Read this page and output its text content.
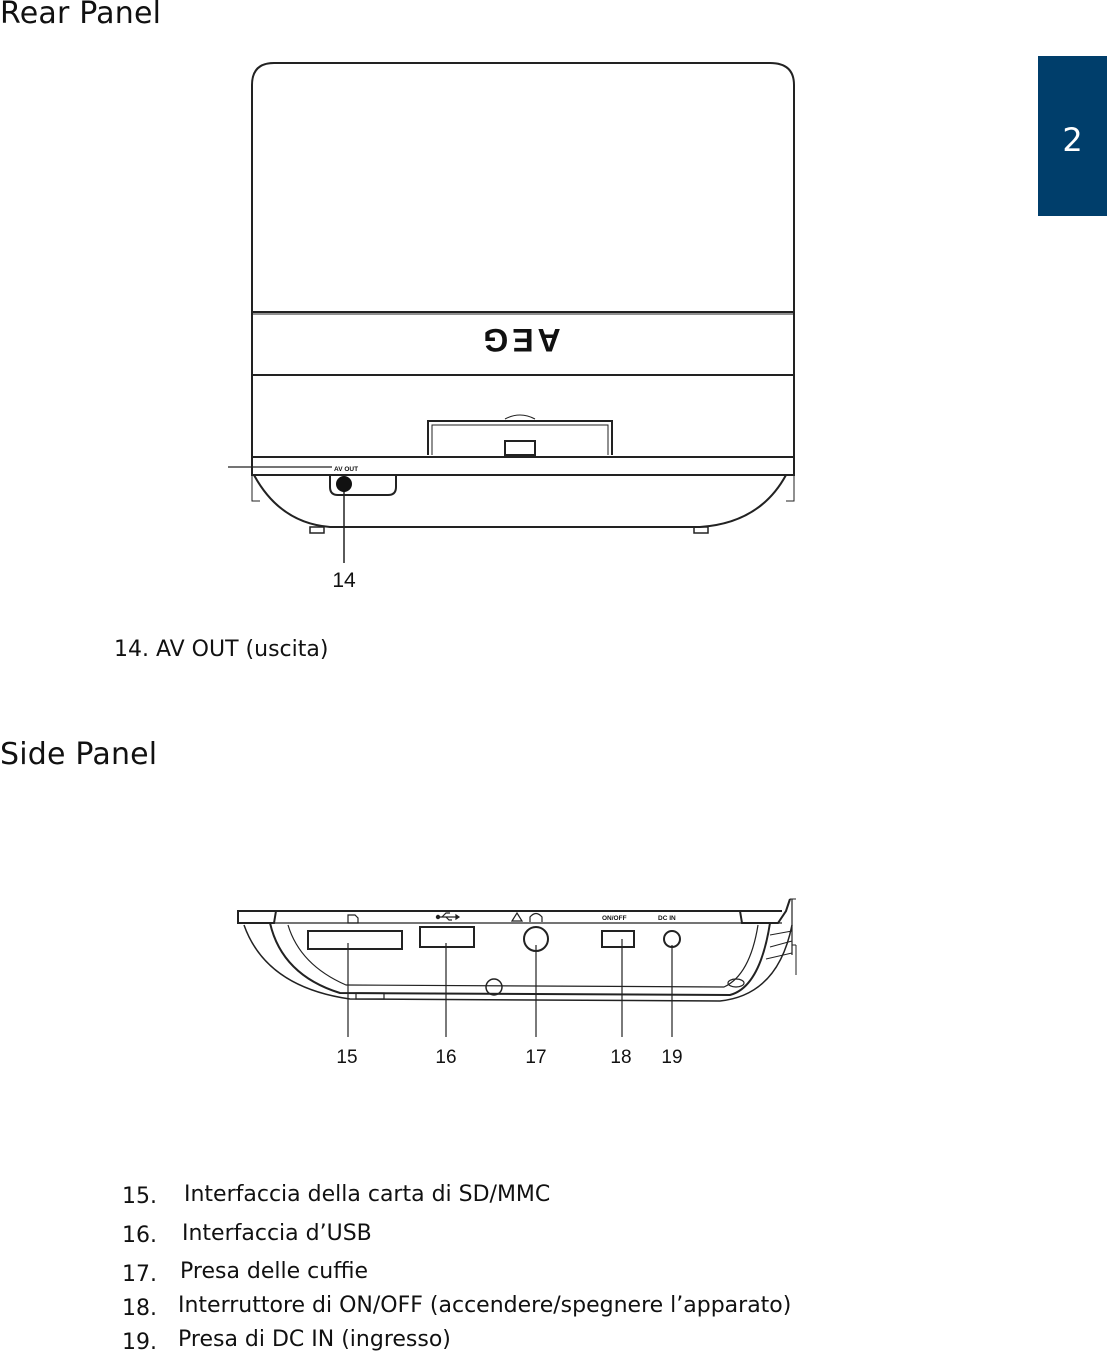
2
Rear Panel
AV OUT
AEG
14
14. AV OUT (uscita)
Side Panel
ON/OFF	DC IN
15	16	17	18 19
15. Interfaccia della carta di SD/MMC
16. Interfaccia d’USB
17. Presa delle cuffie
18. Interruttore di ON/OFF (accendere/spegnere l’apparato)
19. Presa di DC IN (ingresso)
